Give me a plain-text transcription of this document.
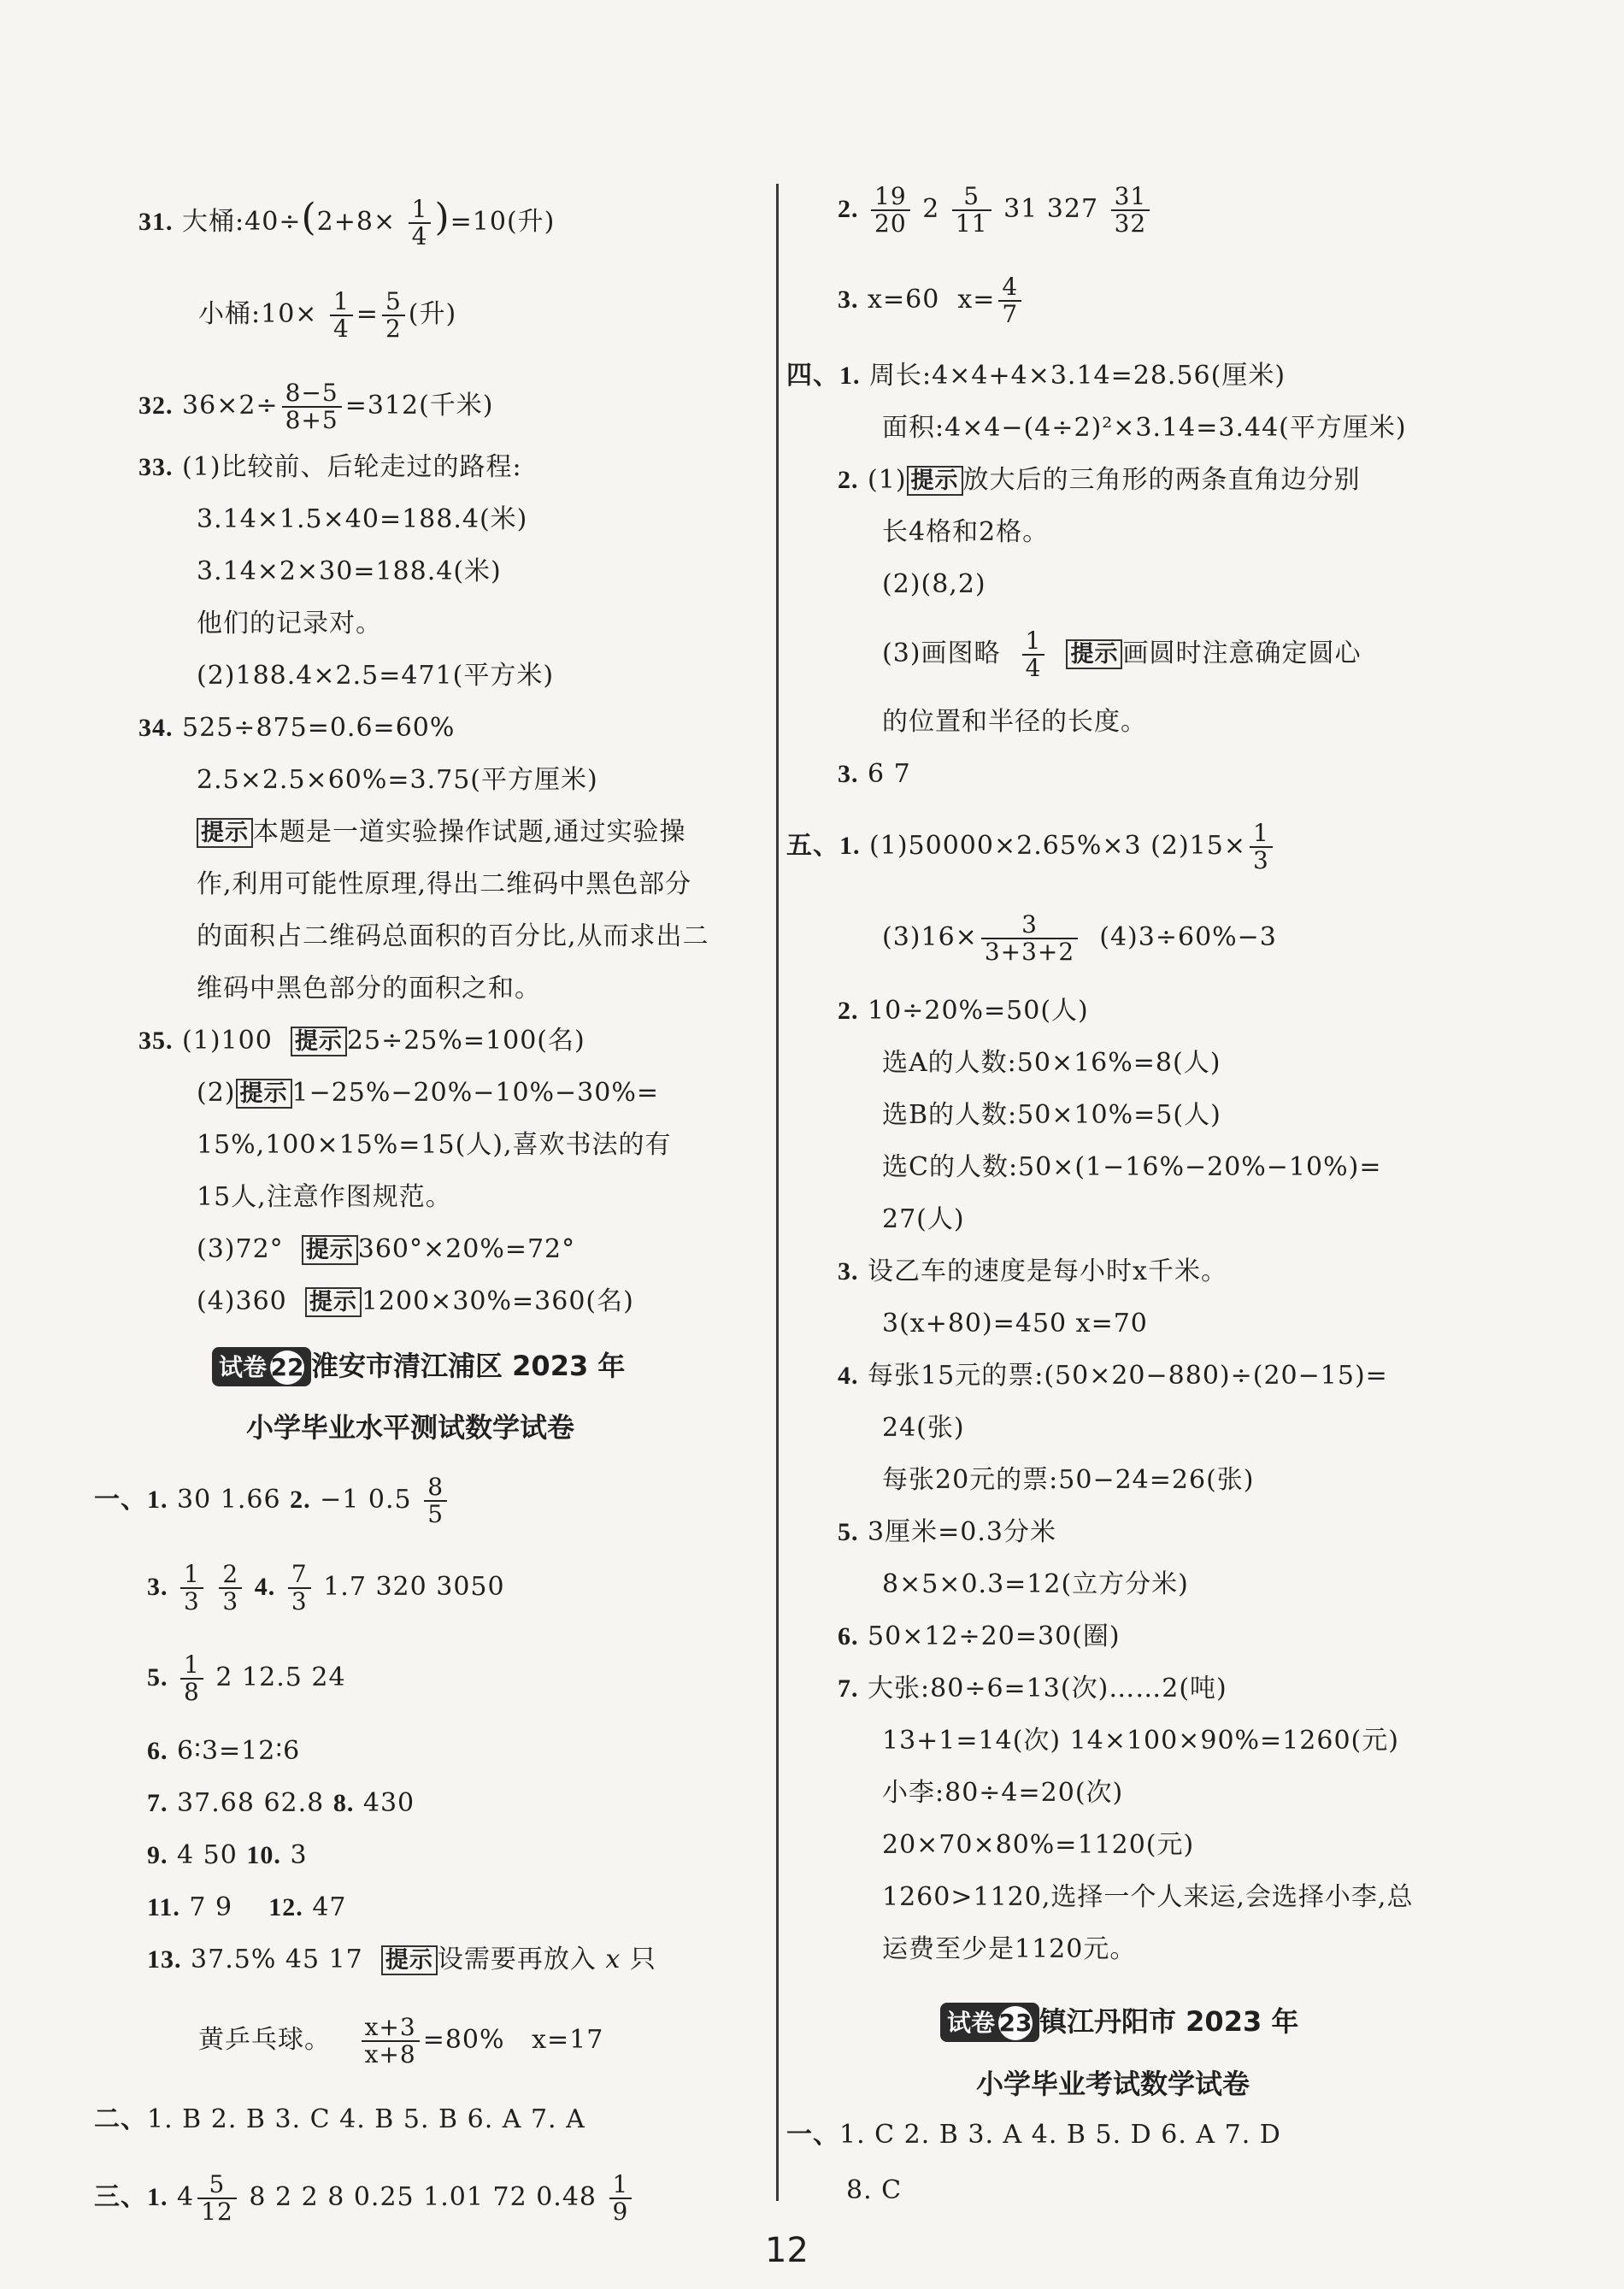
31. 大桶:40÷(2+8× $\frac{1}{4} )=10$(升)
小桶:10× $\frac{1}{4} = \frac{5}{2}$ (升)
32. $36\times 2\div \frac{8-5}{8+5} =312$(千米)
33. (1)比较前、后轮走过的路程:
3.14×1.5×40=188.4(米)
3.14×2×30=188.4(米)
他们的记录对。
(2)188.4×2.5=471(平方米)
34. 525÷875=0.6=60%
2.5×2.5×60%=3.75(平方厘米)
提示 本题是一道实验操作试题,通过实验操
作,利用可能性原理,得出二维码中黑色部分
的面积占二维码总面积的百分比,从而求出二
维码中黑色部分的面积之和。
35. (1)100 提示 25÷25%=100(名)
(2) 提示 1−25%−20%−10%−30%=
15%,100×15%=15(人),喜欢书法的有
15人,注意作图规范。
(3)72° 提示 360°×20%=72°
(4)360 提示 1200×30%=360(名)
试卷 22 淮安市清江浦区 2023 年
小学毕业水平测试数学试卷
一、1. 30 1.66 2. −1 $0.5 \frac{8}{5}$
3. $\frac{1}{3}$
$\frac{2}{3} 4$. $\frac{7}{3} 1.7$ 320 3050
5. $\frac{1}{8} 2$ 12.5 24
6. 6∶3=12∶6
7. 37.68 62.8 8. 430
9. 4 50 10. 3
11. 7 9 12. 47
13. 37.5% 45 17 提示 设需要再放入 x 只
黄乒乓球。 $\frac{x+3}{x+8} =80\%$ x=17
二、1. B 2. B 3. C 4. B 5. B 6. A 7. A
三、1. $4 \frac{5}{12} 8$ 2 2 8 0.25 1.01 72 $0.48 \frac{1}{9}$
2. $\frac{19}{20} 2 \frac{5}{11} 31$ $327 \frac{31}{32}$
3. x=60 $x= \frac{4}{7}$
四、1. 周长:4×4+4×3.14=28.56(厘米)
面积:4×4−(4÷2)²×3.14=3.44(平方厘米)
2. (1) 提示 放大后的三角形的两条直角边分别
长4格和2格。
(2)(8,2)
(3)画图略 $\frac{1}{4}$ 提示 画圆时注意确定圆心
的位置和半径的长度。
3. 6 7
五、1. (1)50000×2.65%×3 $(2)15\times \frac{1}{3}$
$(3)16\times \frac{3}{3+3+2} (4)3\div 60\%-3$
2. 10÷20%=50(人)
选A的人数:50×16%=8(人)
选B的人数:50×10%=5(人)
选C的人数:50×(1−16%−20%−10%)=
27(人)
3. 设乙车的速度是每小时x千米。
3(x+80)=450 x=70
4. 每张15元的票:(50×20−880)÷(20−15)=
24(张)
每张20元的票:50−24=26(张)
5. 3厘米=0.3分米
8×5×0.3=12(立方分米)
6. 50×12÷20=30(圈)
7. 大张:80÷6=13(次)……2(吨)
13+1=14(次) 14×100×90%=1260(元)
小李:80÷4=20(次)
20×70×80%=1120(元)
1260>1120,选择一个人来运,会选择小李,总
运费至少是1120元。
试卷 23 镇江丹阳市 2023 年
小学毕业考试数学试卷
一、1. C 2. B 3. A 4. B 5. D 6. A 7. D
8. C
12
